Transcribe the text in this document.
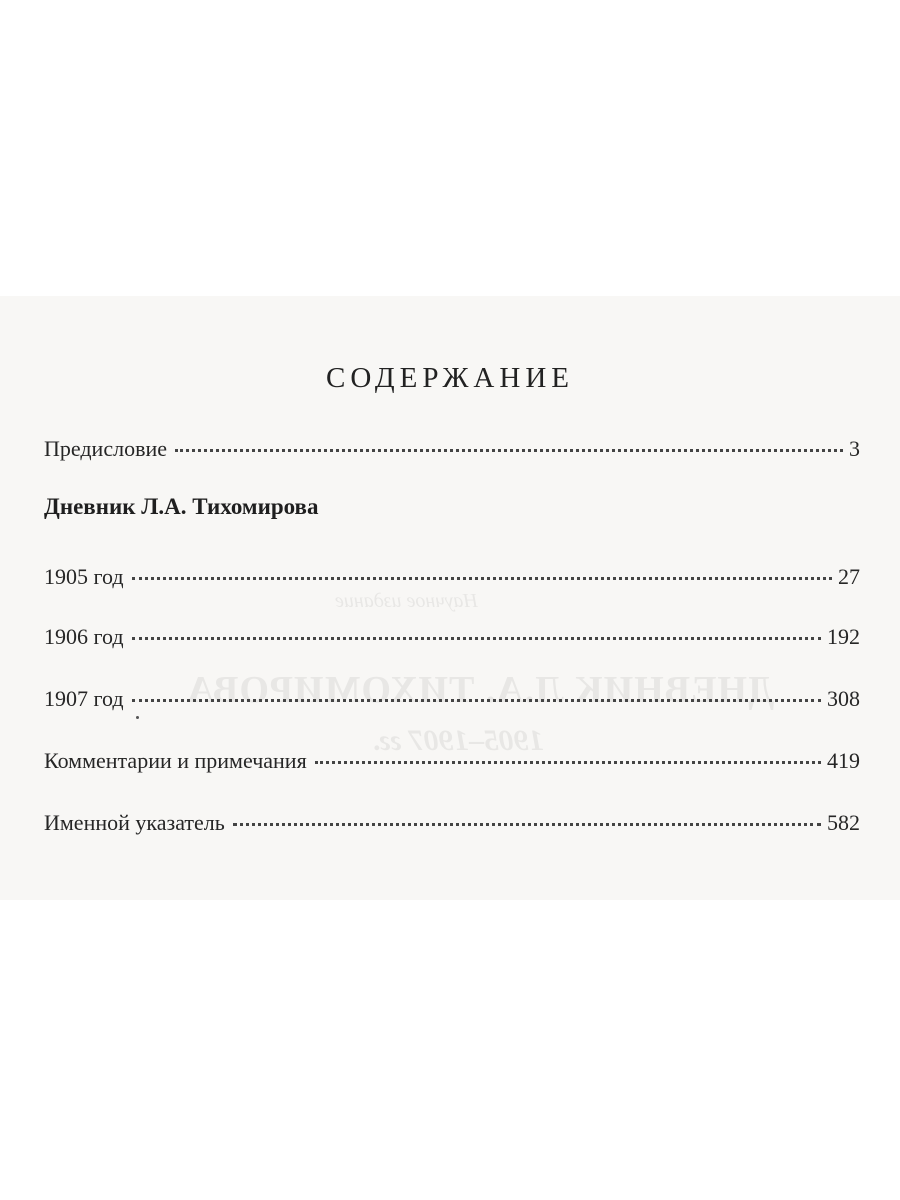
Научное издание
ДНЕВНИК Л.А. ТИХОМИРОВА
1905–1907 гг.
СОДЕРЖАНИЕ
Предисловие	3
Дневник Л.А. Тихомирова
1905 год	27
1906 год	192
1907 год	308
Комментарии и примечания	419
Именной указатель	582
